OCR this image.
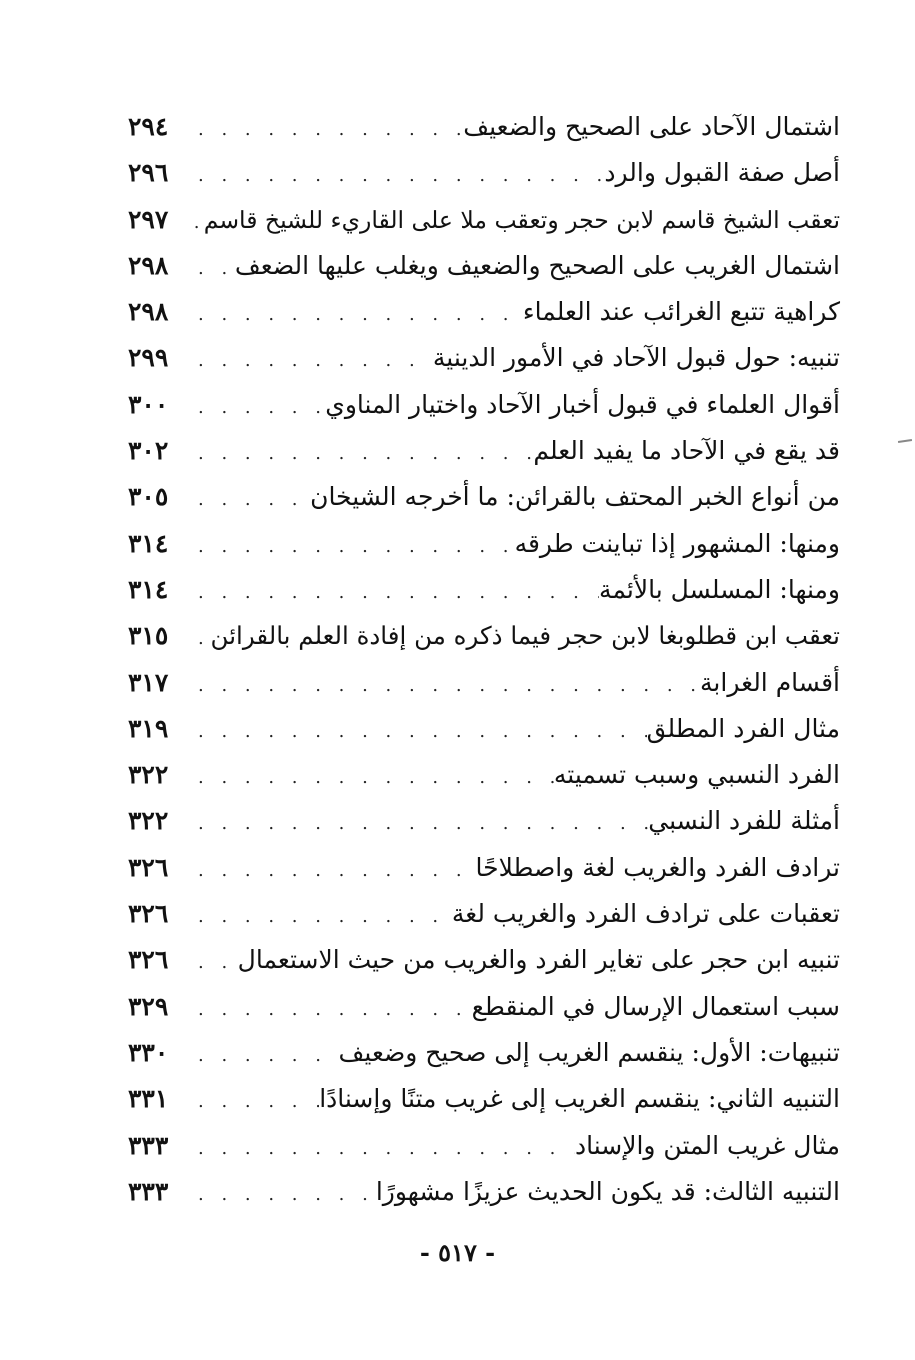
اشتمال الآحاد على الصحيح والضعيف
. . .
٢٩٤
أصل صفة القبول والرد
. . .
٢٩٦
تعقب الشيخ قاسم لابن حجر وتعقب ملا على القاريء للشيخ قاسم
. . .
٢٩٧
اشتمال الغريب على الصحيح والضعيف ويغلب عليها الضعف
. . .
٢٩٨
كراهية تتبع الغرائب عند العلماء
. . .
٢٩٨
تنبيه: حول قبول الآحاد في الأمور الدينية
. . .
٢٩٩
أقوال العلماء في قبول أخبار الآحاد واختيار المناوي
. . .
٣٠٠
قد يقع في الآحاد ما يفيد العلم
. . .
٣٠٢
من أنواع الخبر المحتف بالقرائن: ما أخرجه الشيخان
. . .
٣٠٥
ومنها: المشهور إذا تباينت طرقه
. . .
٣١٤
ومنها: المسلسل بالأئمة
. . .
٣١٤
تعقب ابن قطلوبغا لابن حجر فيما ذكره من إفادة العلم بالقرائن
. . .
٣١٥
أقسام الغرابة
. . .
٣١٧
مثال الفرد المطلق
. . .
٣١٩
الفرد النسبي وسبب تسميته
. . .
٣٢٢
أمثلة للفرد النسبي
. . .
٣٢٢
ترادف الفرد والغريب لغة واصطلاحًا
. . .
٣٢٦
تعقبات على ترادف الفرد والغريب لغة
. . .
٣٢٦
تنبيه ابن حجر على تغاير الفرد والغريب من حيث الاستعمال
. . .
٣٢٦
سبب استعمال الإرسال في المنقطع
. . .
٣٢٩
تنبيهات: الأول: ينقسم الغريب إلى صحيح وضعيف
. . .
٣٣٠
التنبيه الثاني: ينقسم الغريب إلى غريب متنًا وإسنادًا
. . .
٣٣١
مثال غريب المتن والإسناد
. . .
٣٣٣
التنبيه الثالث: قد يكون الحديث عزيزًا مشهورًا
. . .
٣٣٣
- ٥١٧ -
